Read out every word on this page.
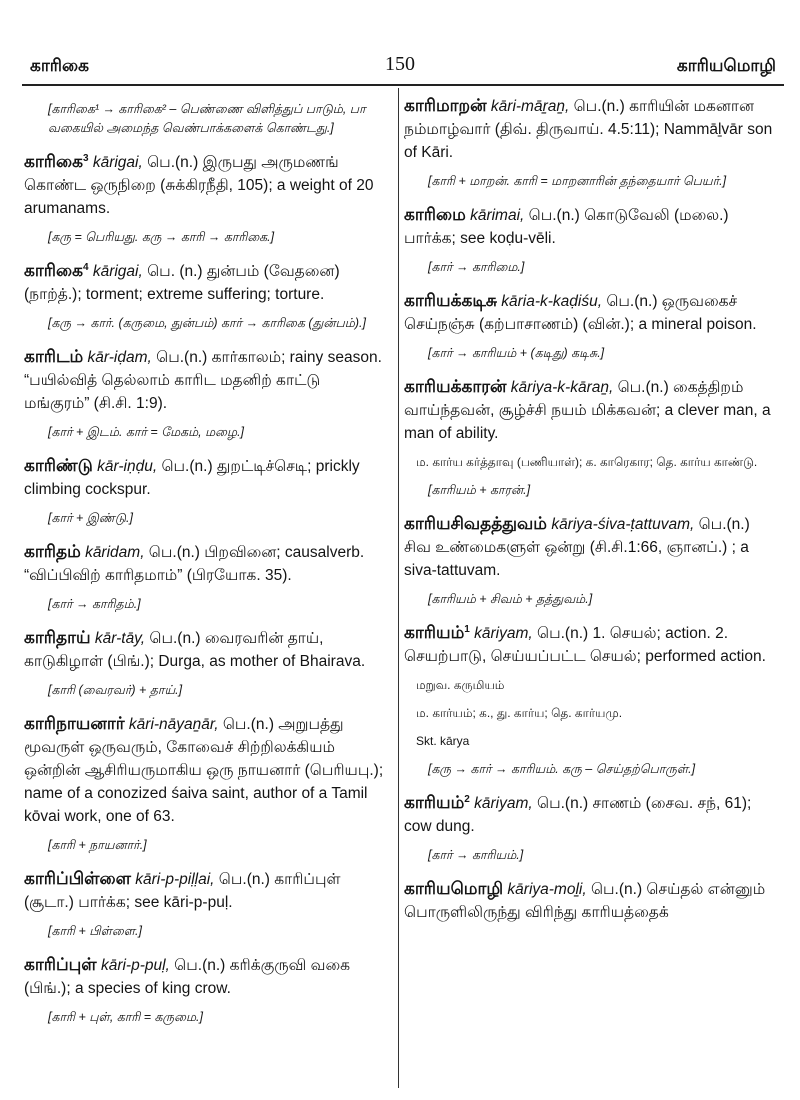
காரிகை	150	காரியமொழி
[காரிகை¹ → காரிகை² – பெண்ணை விளித்துப் பாடும், பா வகையில் அமைந்த வெண்பாக்களைக் கொண்டது.]
காரிகை$^3$ kārigai, பெ.(n.) இருபது அருமணங் கொண்ட ஒருநிறை (சுக்கிரநீதி, 105); a weight of 20 arumanams.
[கரு = பெரியது. கரு → காரி → காரிகை.]
காரிகை$^4$ kārigai, பெ. (n.) துன்பம் (வேதனை) (நாற்த்.); torment; extreme suffering; torture.
[கரு → கார். (கருமை, துன்பம்) கார் → காரிகை (துன்பம்).]
காரிடம் kār-iḍam, பெ.(n.) கார்காலம்; rainy season. “பயில்வித் தெல்லாம் காரிட மதனிற் காட்டு மங்குரம்” (சி.சி. 1:9).
[கார் + இடம். கார் = மேகம், மழை.]
காரிண்டு kār-iṇḍu, பெ.(n.) துறட்டிச்செடி; prickly climbing cockspur.
[கார் + இண்டு.]
காரிதம் kāridam, பெ.(n.) பிறவினை; causalverb. “விப்பிவிற் காரிதமாம்” (பிரயோக. 35).
[கார் → காரிதம்.]
காரிதாய் kār-tāy, பெ.(n.) வைரவரின் தாய், காடுகிழாள் (பிங்.); Durga, as mother of Bhairava.
[காரி (வைரவர்) + தாய்.]
காரிநாயனார் kāri-nāyaṉār, பெ.(n.) அறுபத்து மூவருள் ஒருவரும், கோவைச் சிற்றிலக்கியம் ஒன்றின் ஆசிரியருமாகிய ஒரு நாயனார் (பெரியபு.); name of a conozized śaiva saint, author of a Tamil kōvai work, one of 63.
[காரி + நாயனார்.]
காரிப்பிள்ளை kāri-p-piḷḷai, பெ.(n.) காரிப்புள் (சூடா.) பார்க்க; see kāri-p-puḷ.
[காரி + பிள்ளை.]
காரிப்புள் kāri-p-puḷ, பெ.(n.) கரிக்குருவி வகை (பிங்.); a species of king crow.
[காரி + புள், காரி = கருமை.]
காரிமாறன் kāri-māṟaṉ, பெ.(n.) காரியின் மகனான நம்மாழ்வார் (திவ். திருவாய். 4.5:11); Nammāḻvār son of Kāri.
[காரி + மாறன். காரி = மாறனாரின் தந்தையார் பெயர்.]
காரிமை kārimai, பெ.(n.) கொடுவேலி (மலை.) பார்க்க; see koḍu-vēli.
[கார் → காரிமை.]
காரியக்கடிசு kāria-k-kaḍiśu, பெ.(n.) ஒருவகைச் செய்நஞ்சு (கற்பாசாணம்) (வின்.); a mineral poison.
[கார் → காரியம் + (கடிது) கடிசு.]
காரியக்காரன் kāriya-k-kāraṉ, பெ.(n.) கைத்திறம் வாய்ந்தவன், சூழ்ச்சி நயம் மிக்கவன்; a clever man, a man of ability.
ம. கார்ய கர்த்தாவு (பணியாள்); க. காரெகார; தெ. கார்ய காண்டு.
[காரியம் + காரன்.]
காரியசிவதத்துவம் kāriya-śiva-ṭattuvam, பெ.(n.) சிவ உண்மைகளுள் ஒன்று (சி.சி.1:66, ஞானப்.) ; a siva-tattuvam.
[காரியம் + சிவம் + தத்துவம்.]
காரியம்$^1$ kāriyam, பெ.(n.) 1. செயல்; action. 2. செயற்பாடு, செய்யப்பட்ட செயல்; performed action.
மறுவ. கருமியம்
ம. கார்யம்; க., து. கார்ய; தெ. கார்யமு.
Skt. kārya
[கரு → கார் → காரியம். கரு – செய்தற்பொருள்.]
காரியம்$^2$ kāriyam, பெ.(n.) சாணம் (சைவ. சந், 61); cow dung.
[கார் → காரியம்.]
காரியமொழி kāriya-moḻi, பெ.(n.) செய்தல் என்னும் பொருளிலிருந்து விரிந்து காரியத்தைக்
